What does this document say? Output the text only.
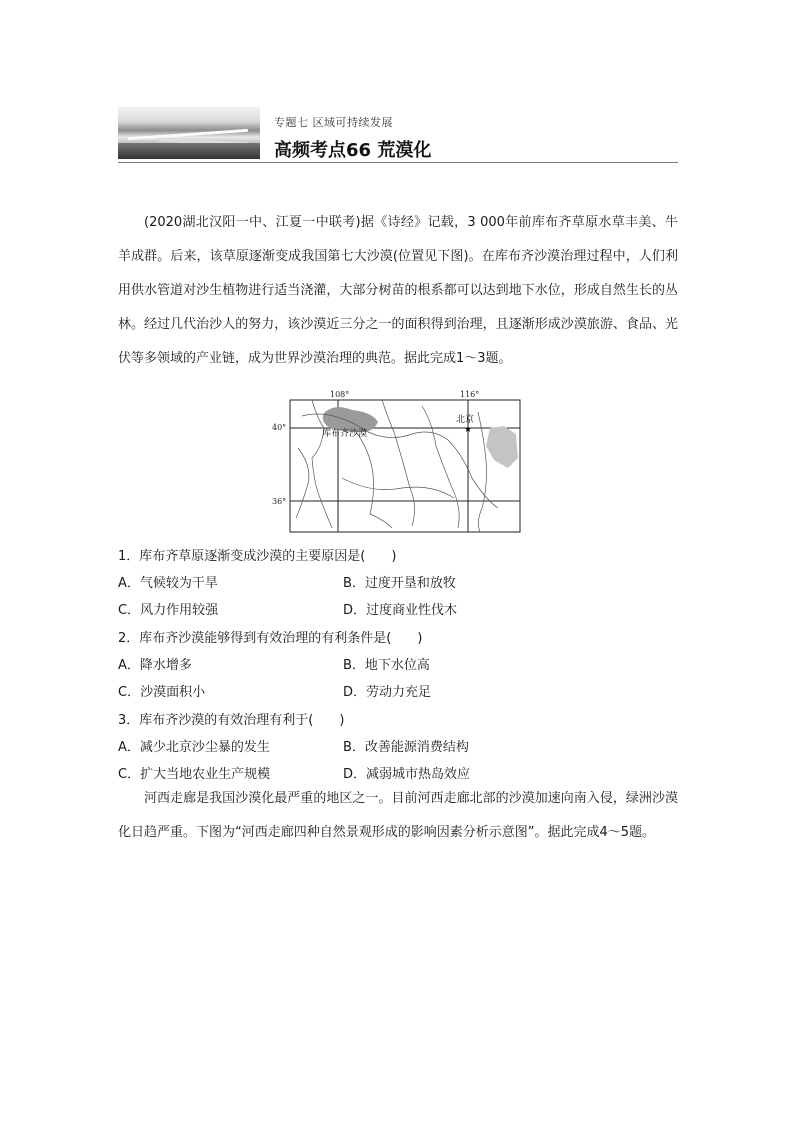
专题七 区域可持续发展
高频考点66 荒漠化
(2020湖北汉阳一中、江夏一中联考)据《诗经》记载，3 000年前库布齐草原水草丰美、牛羊成群。后来，该草原逐渐变成我国第七大沙漠(位置见下图)。在库布齐沙漠治理过程中，人们利用供水管道对沙生植物进行适当浇灌，大部分树苗的根系都可以达到地下水位，形成自然生长的丛林。经过几代治沙人的努力，该沙漠近三分之一的面积得到治理，且逐渐形成沙漠旅游、食品、光伏等多领域的产业链，成为世界沙漠治理的典范。据此完成1～3题。
40°
36°
108°	116°
库布齐沙漠
北京
★
1．库布齐草原逐渐变成沙漠的主要原因是(　　)
A．气候较为干旱	B．过度开垦和放牧
C．风力作用较强	D．过度商业性伐木
2．库布齐沙漠能够得到有效治理的有利条件是(　　)
A．降水增多	B．地下水位高
C．沙漠面积小	D．劳动力充足
3．库布齐沙漠的有效治理有利于(　　)
A．减少北京沙尘暴的发生	B．改善能源消费结构
C．扩大当地农业生产规模	D．减弱城市热岛效应
河西走廊是我国沙漠化最严重的地区之一。目前河西走廊北部的沙漠加速向南入侵，绿洲沙漠化日趋严重。下图为“河西走廊四种自然景观形成的影响因素分析示意图”。据此完成4～5题。
